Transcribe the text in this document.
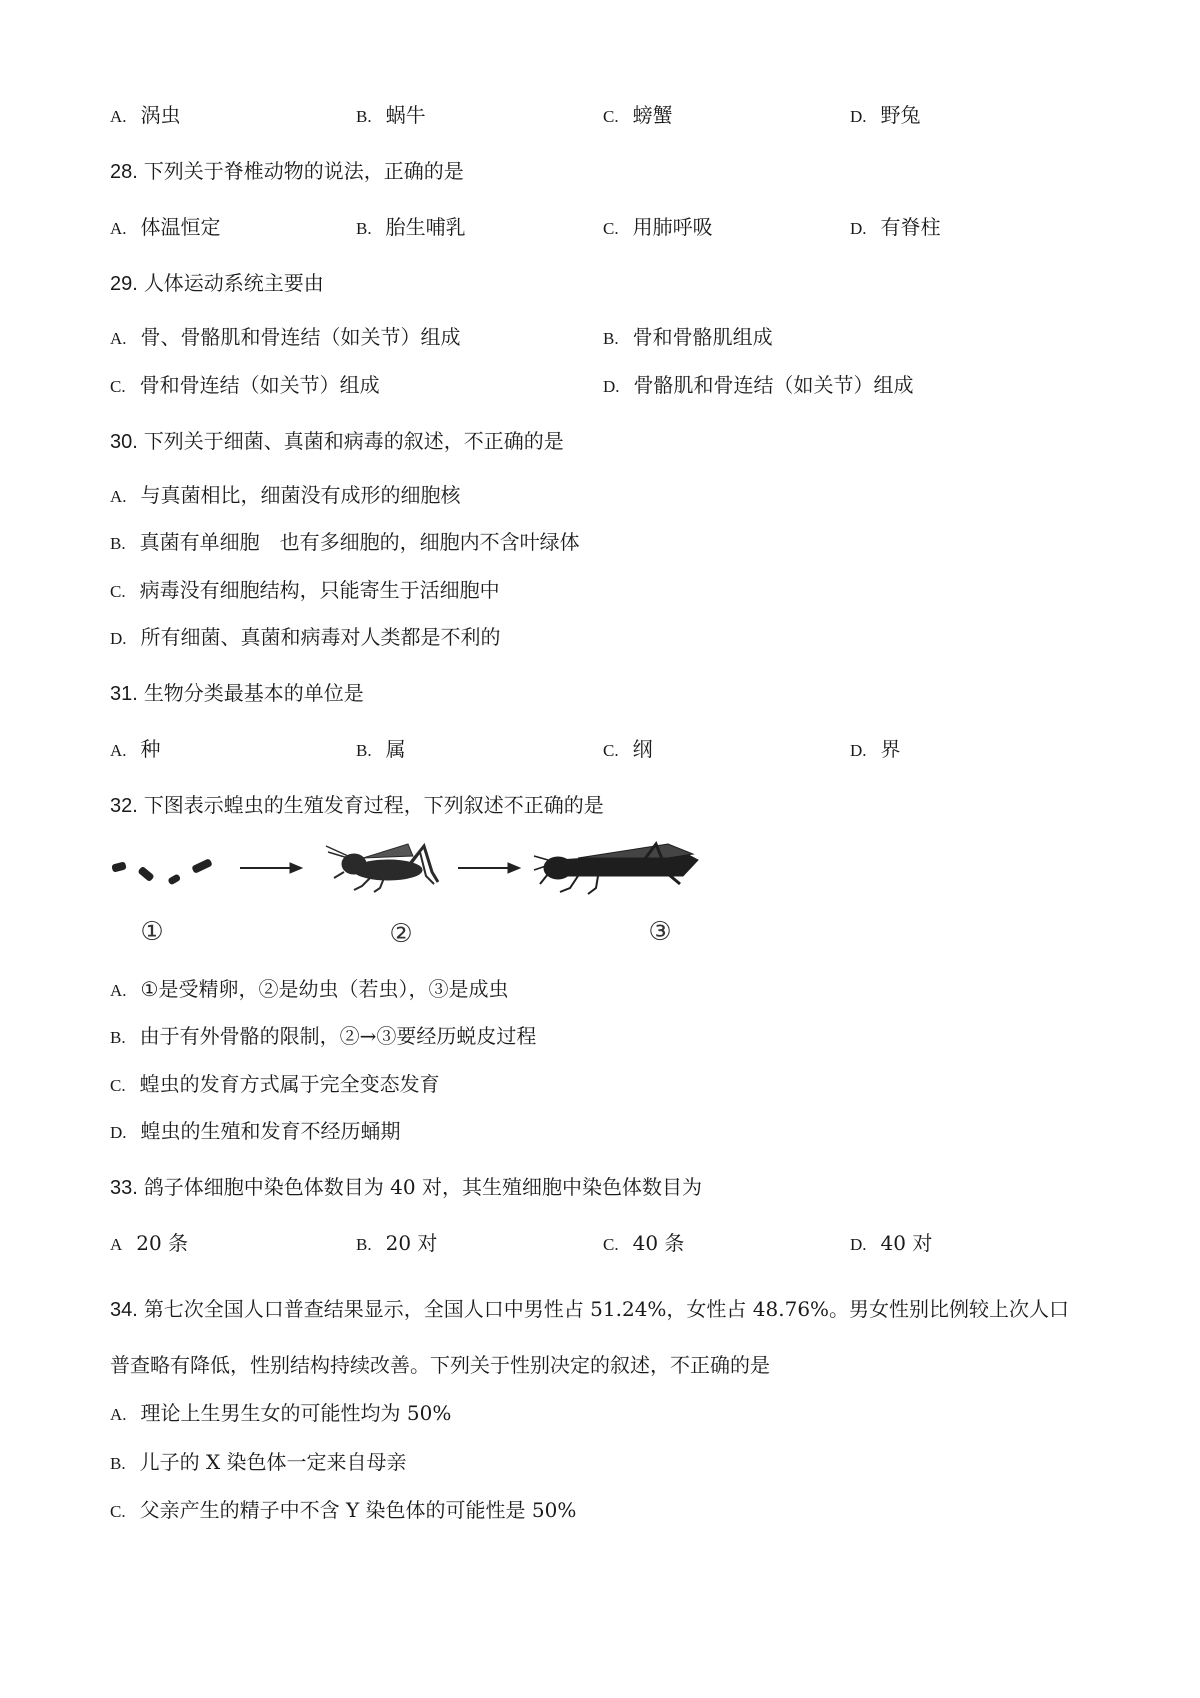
A. 涡虫	B. 蜗牛	C. 螃蟹	D. 野兔
28. 下列关于脊椎动物的说法，正确的是
A. 体温恒定	B. 胎生哺乳	C. 用肺呼吸	D. 有脊柱
29. 人体运动系统主要由
A. 骨、骨骼肌和骨连结（如关节）组成	B. 骨和骨骼肌组成
C. 骨和骨连结（如关节）组成	D. 骨骼肌和骨连结（如关节）组成
30. 下列关于细菌、真菌和病毒的叙述，不正确的是
A. 与真菌相比，细菌没有成形的细胞核
B. 真菌有单细胞　也有多细胞的，细胞内不含叶绿体
C. 病毒没有细胞结构，只能寄生于活细胞中
D. 所有细菌、真菌和病毒对人类都是不利的
31. 生物分类最基本的单位是
A. 种	B. 属	C. 纲	D. 界
32. 下图表示蝗虫的生殖发育过程，下列叙述不正确的是
①	②	③
A. ①是受精卵，②是幼虫（若虫），③是成虫
B. 由于有外骨骼的限制，②→③要经历蜕皮过程
C. 蝗虫的发育方式属于完全变态发育
D. 蝗虫的生殖和发育不经历蛹期
33. 鸽子体细胞中染色体数目为 40 对，其生殖细胞中染色体数目为
A 20 条	B. 20 对	C. 40 条	D. 40 对
34. 第七次全国人口普查结果显示，全国人口中男性占 51.24%，女性占 48.76%。男女性别比例较上次人口
普查略有降低，性别结构持续改善。下列关于性别决定的叙述，不正确的是
A. 理论上生男生女的可能性均为 50%
B. 儿子的 X 染色体一定来自母亲
C. 父亲产生的精子中不含 Y 染色体的可能性是 50%
